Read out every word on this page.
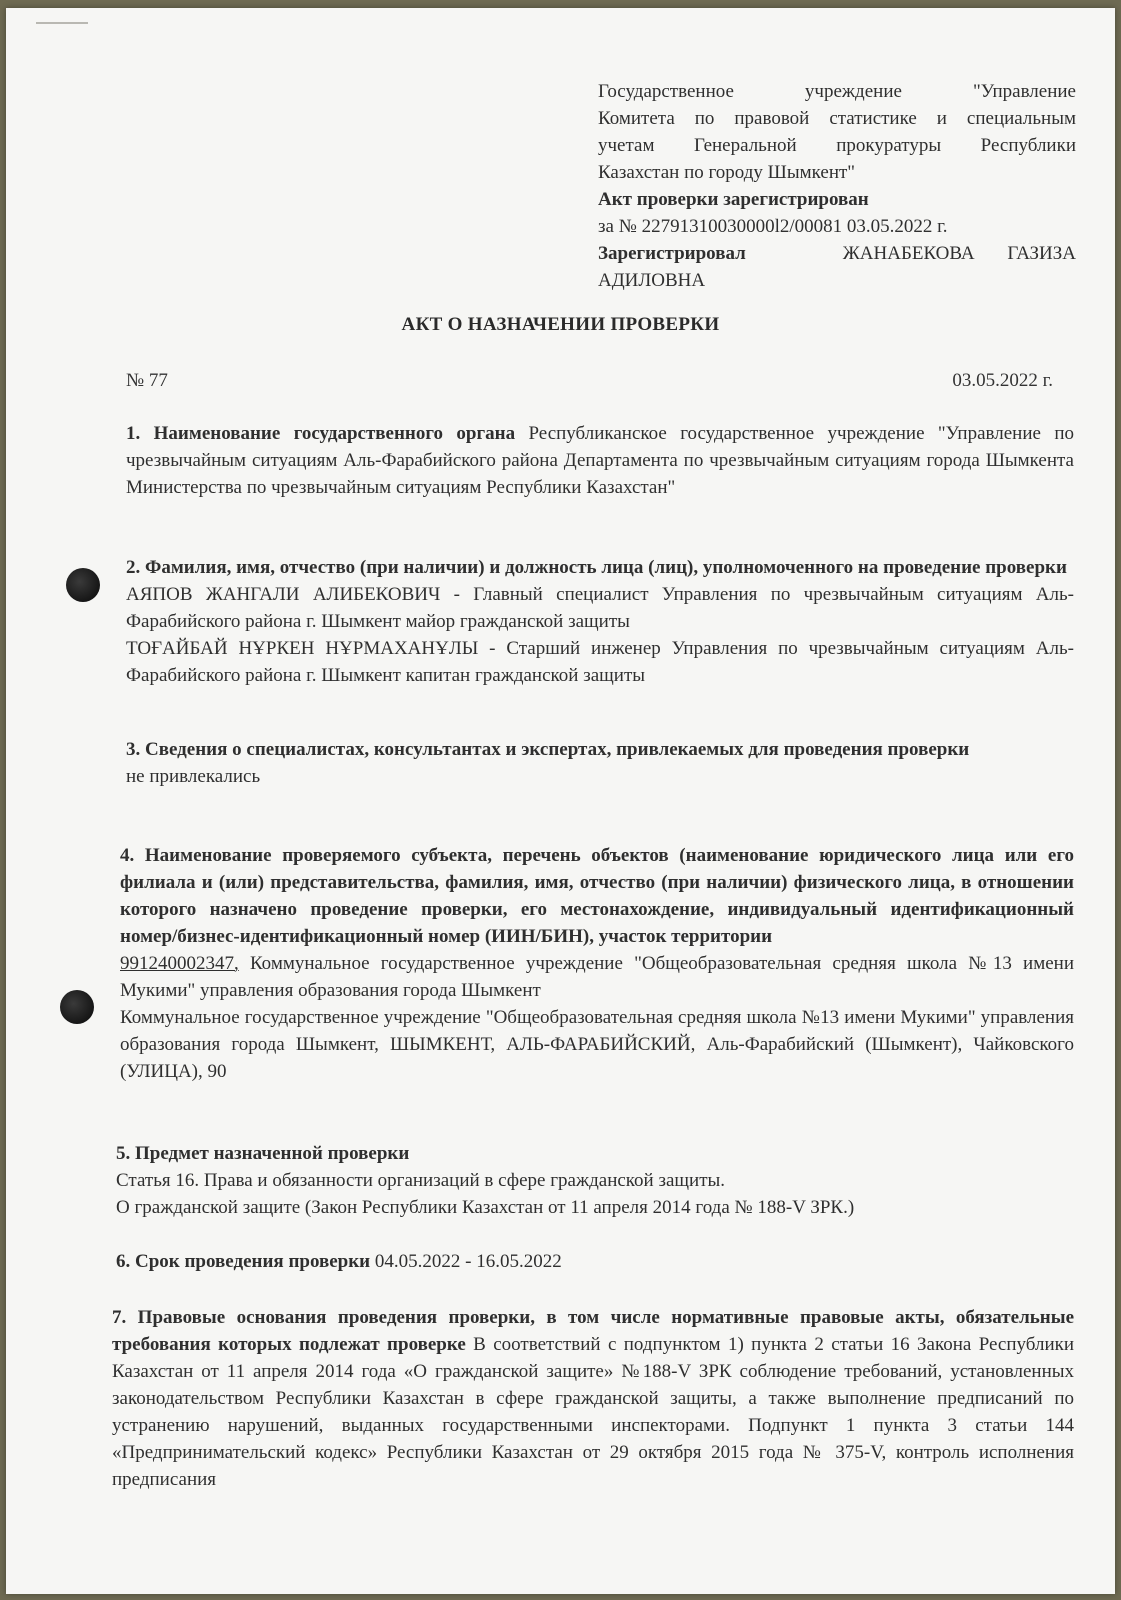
Государственное учреждение "Управление
Комитета по правовой статистике и специальным
учетам Генеральной прокуратуры Республики
Казахстан по городу Шымкент"
Акт проверки зарегистрирован
за № 22791310030000l2/00081 03.05.2022 г.
Зарегистрировал	ЖАНАБЕКОВА ГАЗИЗА
АДИЛОВНА
АКТ О НАЗНАЧЕНИИ ПРОВЕРКИ
№ 77	03.05.2022 г.
1. Наименование государственного органа Республиканское государственное учреждение "Управление по чрезвычайным ситуациям Аль-Фарабийского района Департамента по чрезвычайным ситуациям города Шымкента Министерства по чрезвычайным ситуациям Республики Казахстан"
2. Фамилия, имя, отчество (при наличии) и должность лица (лиц), уполномоченного на проведение проверки
АЯПОВ ЖАНГАЛИ АЛИБЕКОВИЧ - Главный специалист Управления по чрезвычайным ситуациям Аль-Фарабийского района г. Шымкент майор гражданской защиты
ТОҒАЙБАЙ НҰРКЕН НҰРМАХАНҰЛЫ - Старший инженер Управления по чрезвычайным ситуациям Аль-Фарабийского района г. Шымкент капитан гражданской защиты
3. Сведения о специалистах, консультантах и экспертах, привлекаемых для проведения проверки
не привлекались
4. Наименование проверяемого субъекта, перечень объектов (наименование юридического лица или его филиала и (или) представительства, фамилия, имя, отчество (при наличии) физического лица, в отношении которого назначено проведение проверки, его местонахождение, индивидуальный идентификационный номер/бизнес-идентификационный номер (ИИН/БИН), участок территории
991240002347, Коммунальное государственное учреждение "Общеобразовательная средняя школа №13 имени Мукими" управления образования города Шымкент
Коммунальное государственное учреждение "Общеобразовательная средняя школа №13 имени Мукими" управления образования города Шымкент, ШЫМКЕНТ, АЛЬ-ФАРАБИЙСКИЙ, Аль-Фарабийский (Шымкент), Чайковского (УЛИЦА), 90
5. Предмет назначенной проверки
Статья 16. Права и обязанности организаций в сфере гражданской защиты.
О гражданской защите (Закон Республики Казахстан от 11 апреля 2014 года № 188-V ЗРК.)
6. Срок проведения проверки 04.05.2022 - 16.05.2022
7. Правовые основания проведения проверки, в том числе нормативные правовые акты, обязательные требования которых подлежат проверке В соответствий с подпунктом 1) пункта 2 статьи 16 Закона Республики Казахстан от 11 апреля 2014 года «О гражданской защите» №188-V ЗРК соблюдение требований, установленных законодательством Республики Казахстан в сфере гражданской защиты, а также выполнение предписаний по устранению нарушений, выданных государственными инспекторами. Подпункт 1 пункта 3 статьи 144 «Предпринимательский кодекс» Республики Казахстан от 29 октября 2015 года № 375-V, контроль исполнения предписания
